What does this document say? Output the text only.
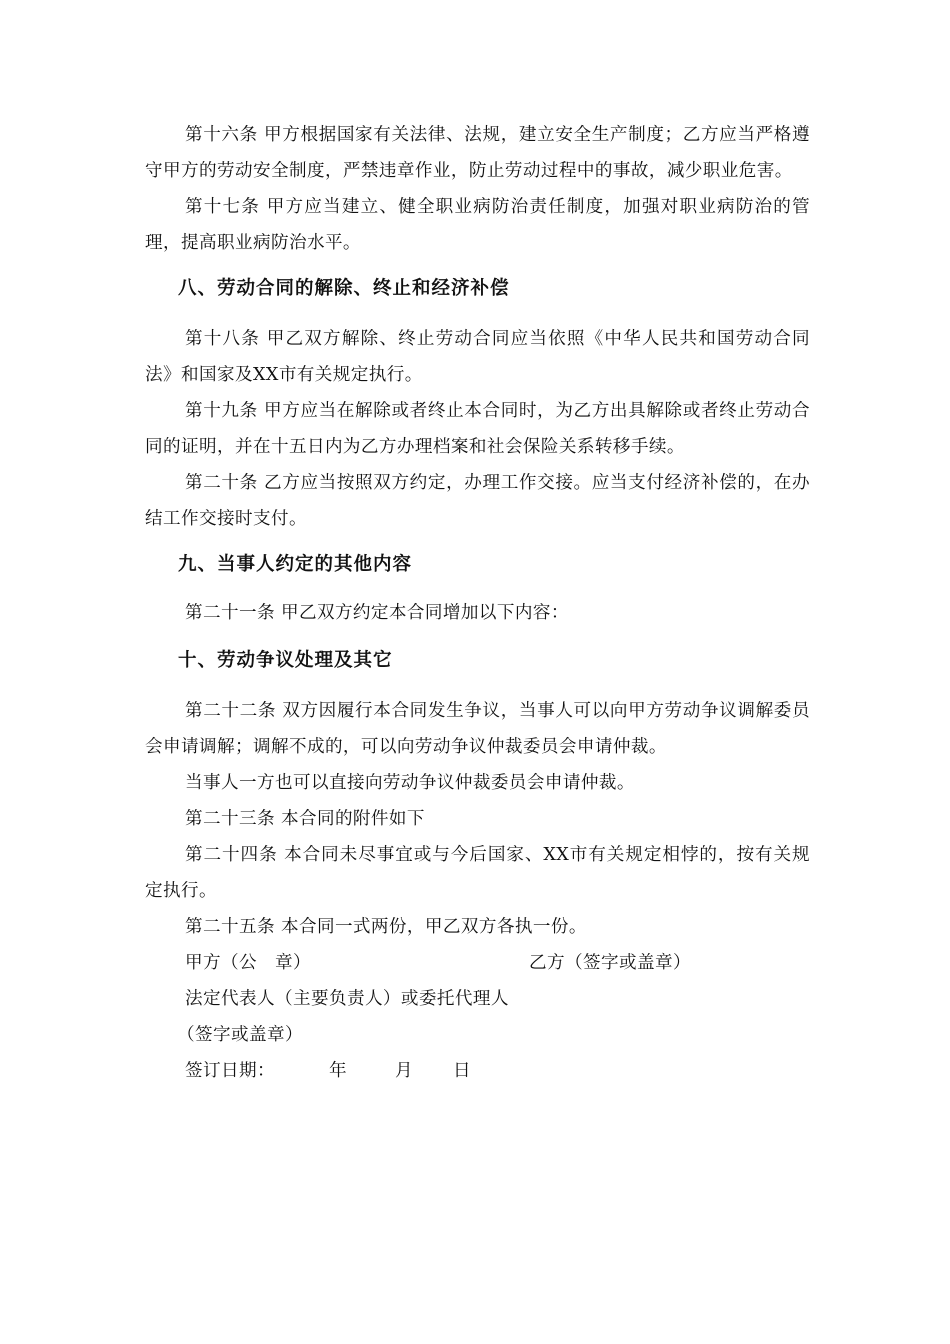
第十六条 甲方根据国家有关法律、法规，建立安全生产制度；乙方应当严格遵守甲方的劳动安全制度，严禁违章作业，防止劳动过程中的事故，减少职业危害。

第十七条 甲方应当建立、健全职业病防治责任制度，加强对职业病防治的管理，提高职业病防治水平。

八、劳动合同的解除、终止和经济补偿

第十八条 甲乙双方解除、终止劳动合同应当依照《中华人民共和国劳动合同法》和国家及XX市有关规定执行。

第十九条 甲方应当在解除或者终止本合同时，为乙方出具解除或者终止劳动合同的证明，并在十五日内为乙方办理档案和社会保险关系转移手续。

第二十条 乙方应当按照双方约定，办理工作交接。应当支付经济补偿的，在办结工作交接时支付。

九、当事人约定的其他内容

第二十一条 甲乙双方约定本合同增加以下内容：

十、劳动争议处理及其它

第二十二条 双方因履行本合同发生争议，当事人可以向甲方劳动争议调解委员会申请调解；调解不成的，可以向劳动争议仲裁委员会申请仲裁。

当事人一方也可以直接向劳动争议仲裁委员会申请仲裁。

第二十三条 本合同的附件如下

第二十四条 本合同未尽事宜或与今后国家、XX市有关规定相悖的，按有关规定执行。

第二十五条 本合同一式两份，甲乙双方各执一份。

甲方（公　章）	乙方（签字或盖章）
法定代表人（主要负责人）或委托代理人
（签字或盖章）
签订日期：	年	月 日
